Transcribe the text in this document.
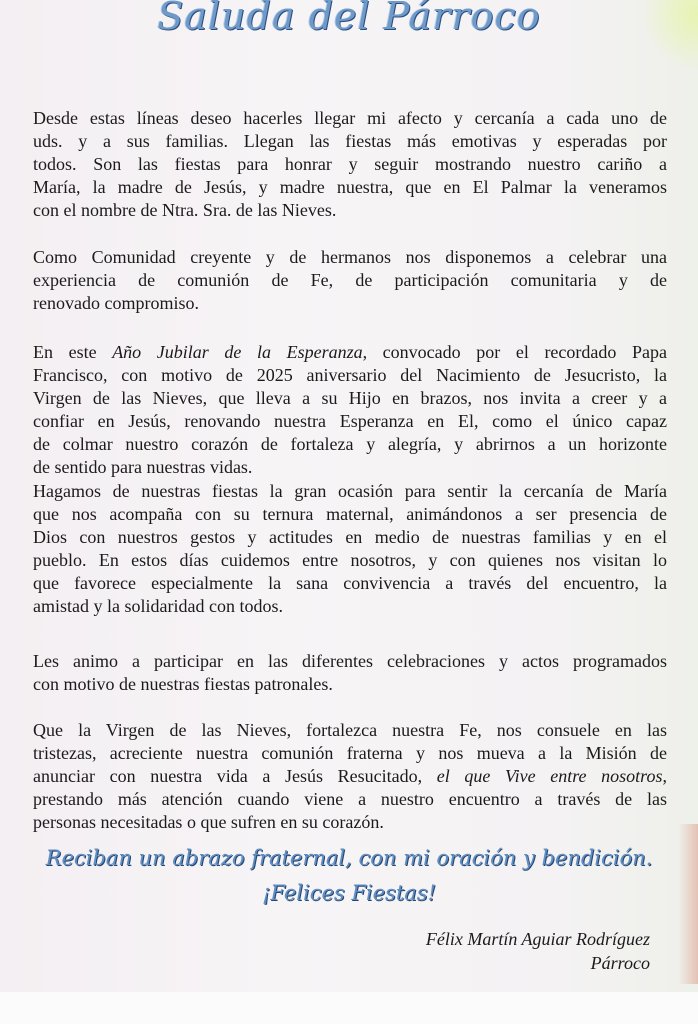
Saluda del Párroco
Desde estas líneas deseo hacerles llegar mi afecto y cercanía a cada uno de
uds. y a sus familias. Llegan las fiestas más emotivas y esperadas por
todos. Son las fiestas para honrar y seguir mostrando nuestro cariño a
María, la madre de Jesús, y madre nuestra, que en El Palmar la veneramos
con el nombre de Ntra. Sra. de las Nieves.
Como Comunidad creyente y de hermanos nos disponemos a celebrar una
experiencia de comunión de Fe, de participación comunitaria y de
renovado compromiso.
En este Año Jubilar de la Esperanza, convocado por el recordado Papa
Francisco, con motivo de 2025 aniversario del Nacimiento de Jesucristo, la
Virgen de las Nieves, que lleva a su Hijo en brazos, nos invita a creer y a
confiar en Jesús, renovando nuestra Esperanza en El, como el único capaz
de colmar nuestro corazón de fortaleza y alegría, y abrirnos a un horizonte
de sentido para nuestras vidas.
Hagamos de nuestras fiestas la gran ocasión para sentir la cercanía de María
que nos acompaña con su ternura maternal, animándonos a ser presencia de
Dios con nuestros gestos y actitudes en medio de nuestras familias y en el
pueblo. En estos días cuidemos entre nosotros, y con quienes nos visitan lo
que favorece especialmente la sana convivencia a través del encuentro, la
amistad y la solidaridad con todos.
Les animo a participar en las diferentes celebraciones y actos programados
con motivo de nuestras fiestas patronales.
Que la Virgen de las Nieves, fortalezca nuestra Fe, nos consuele en las
tristezas, acreciente nuestra comunión fraterna y nos mueva a la Misión de
anunciar con nuestra vida a Jesús Resucitado, el que Vive entre nosotros,
prestando más atención cuando viene a nuestro encuentro a través de las
personas necesitadas o que sufren en su corazón.
Reciban un abrazo fraternal, con mi oración y bendición.
¡Felices Fiestas!
Félix Martín Aguiar Rodríguez
Párroco
